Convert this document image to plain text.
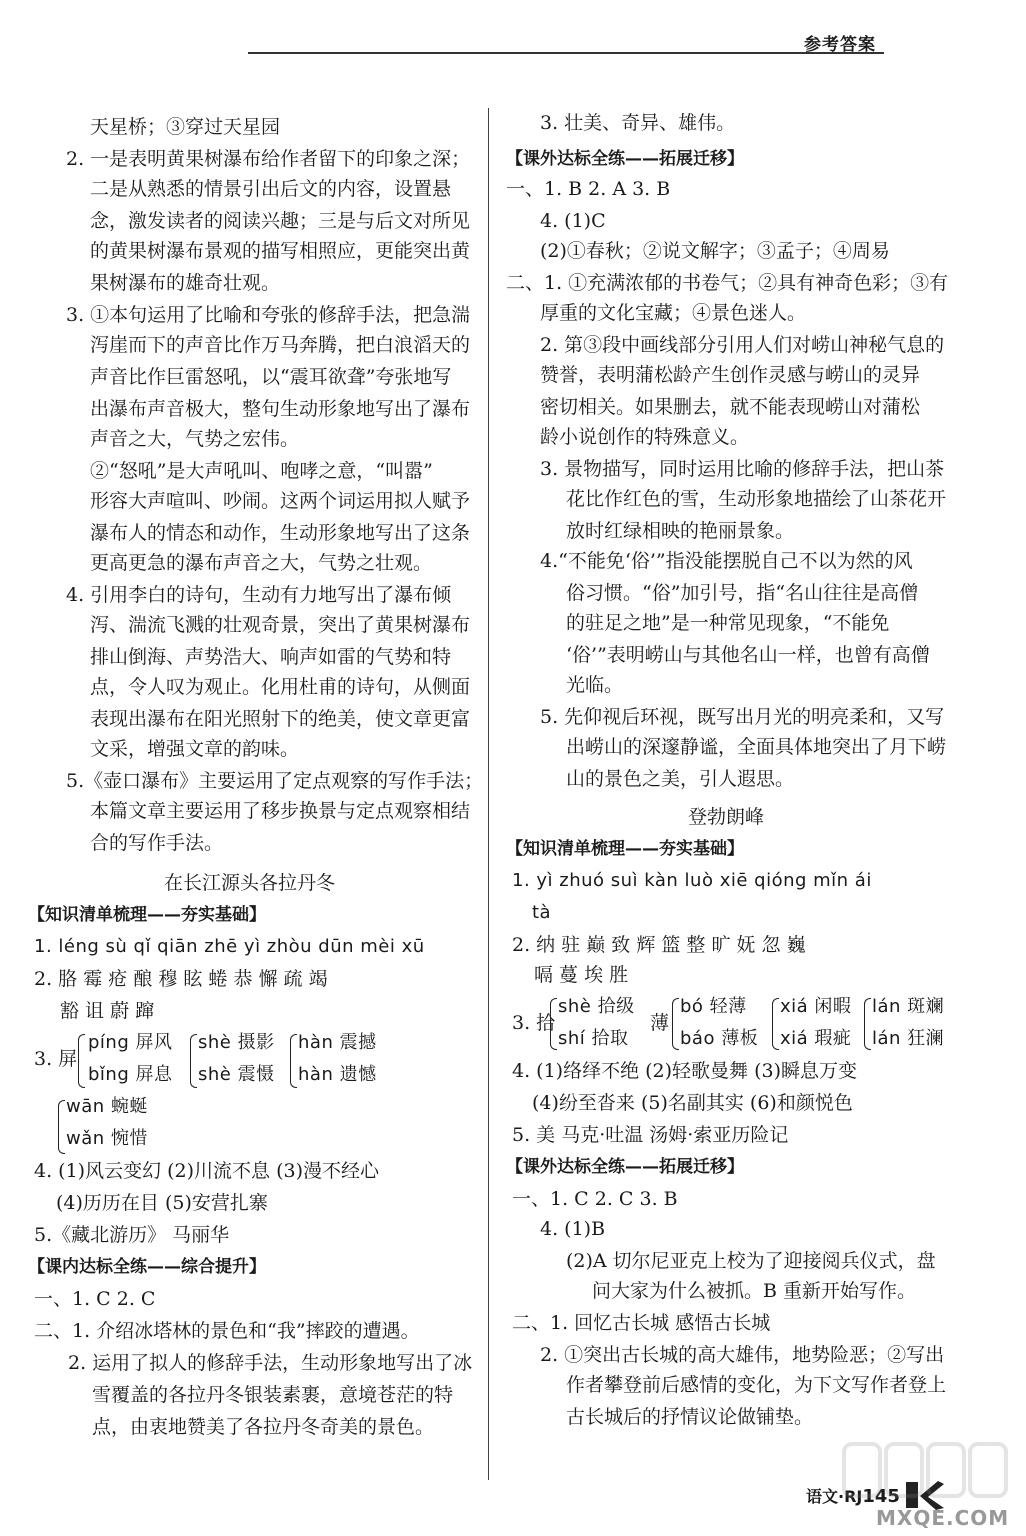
参考答案
天星桥；③穿过天星园
2. 一是表明黄果树瀑布给作者留下的印象之深；
二是从熟悉的情景引出后文的内容，设置悬
念，激发读者的阅读兴趣；三是与后文对所见
的黄果树瀑布景观的描写相照应，更能突出黄
果树瀑布的雄奇壮观。
3. ①本句运用了比喻和夸张的修辞手法，把急湍
泻崖而下的声音比作万马奔腾，把白浪滔天的
声音比作巨雷怒吼，以“震耳欲聋”夸张地写
出瀑布声音极大，整句生动形象地写出了瀑布
声音之大，气势之宏伟。
②“怒吼”是大声吼叫、咆哮之意，“叫嚣”
形容大声喧叫、吵闹。这两个词运用拟人赋予
瀑布人的情态和动作，生动形象地写出了这条
更高更急的瀑布声音之大，气势之壮观。
4. 引用李白的诗句，生动有力地写出了瀑布倾
泻、湍流飞溅的壮观奇景，突出了黄果树瀑布
排山倒海、声势浩大、响声如雷的气势和特
点，令人叹为观止。化用杜甫的诗句，从侧面
表现出瀑布在阳光照射下的绝美，使文章更富
文采，增强文章的韵味。
5.《壶口瀑布》主要运用了定点观察的写作手法；
本篇文章主要运用了移步换景与定点观察相结
合的写作手法。
在长江源头各拉丹冬
【知识清单梳理——夯实基础】
1. léng sù qǐ qiān zhē yì zhòu dūn mèi xū
2. 胳 霉 疮 酿 穆 眩 蜷 恭 懈 疏 竭
豁 诅 蔚 蹿
3. 屏
píng 屏风
bǐng 屏息
shè 摄影
shè 震慑
hàn 震撼
hàn 遗憾
wān 蜿蜒
wǎn 惋惜
4. (1)风云变幻 (2)川流不息 (3)漫不经心
(4)历历在目 (5)安营扎寨
5.《藏北游历》 马丽华
【课内达标全练——综合提升】
一、1. C 2. C
二、1. 介绍冰塔林的景色和“我”摔跤的遭遇。
2. 运用了拟人的修辞手法，生动形象地写出了冰
雪覆盖的各拉丹冬银装素裹，意境苍茫的特
点，由衷地赞美了各拉丹冬奇美的景色。
3. 壮美、奇异、雄伟。
【课外达标全练——拓展迁移】
一、1. B 2. A 3. B
4. (1)C
(2)①春秋；②说文解字；③孟子；④周易
二、1. ①充满浓郁的书卷气；②具有神奇色彩；③有
厚重的文化宝藏；④景色迷人。
2. 第③段中画线部分引用人们对崂山神秘气息的
赞誉，表明蒲松龄产生创作灵感与崂山的灵异
密切相关。如果删去，就不能表现崂山对蒲松
龄小说创作的特殊意义。
3. 景物描写，同时运用比喻的修辞手法，把山茶
花比作红色的雪，生动形象地描绘了山茶花开
放时红绿相映的艳丽景象。
4.“不能免‘俗’”指没能摆脱自己不以为然的风
俗习惯。“俗”加引号，指“名山往往是高僧
的驻足之地”是一种常见现象，“不能免
‘俗’”表明崂山与其他名山一样，也曾有高僧
光临。
5. 先仰视后环视，既写出月光的明亮柔和，又写
出崂山的深邃静谧，全面具体地突出了月下崂
山的景色之美，引人遐思。
登勃朗峰
【知识清单梳理——夯实基础】
1. yì zhuó suì kàn luò xiē qióng mǐn ái
tà
2. 纳 驻 巅 致 辉 篮 整 旷 妩 忽 巍
嗝 蔓 埃 胜
3. 拾
shè 拾级
shí 拾取
薄
bó 轻薄
báo 薄板
xiá 闲暇
xiá 瑕疵
lán 斑斓
lán 狂澜
4. (1)络绎不绝 (2)轻歌曼舞 (3)瞬息万变
(4)纷至沓来 (5)名副其实 (6)和颜悦色
5. 美 马克·吐温 汤姆·索亚历险记
【课外达标全练——拓展迁移】
一、1. C 2. C 3. B
4. (1)B
(2)A 切尔尼亚克上校为了迎接阅兵仪式，盘
问大家为什么被抓。B 重新开始写作。
二、1. 回忆古长城 感悟古长城
2. ①突出古长城的高大雄伟，地势险恶；②写出
作者攀登前后感情的变化，为下文写作者登上
古长城后的抒情议论做铺垫。
语文·RJ145
MXQE.COM
